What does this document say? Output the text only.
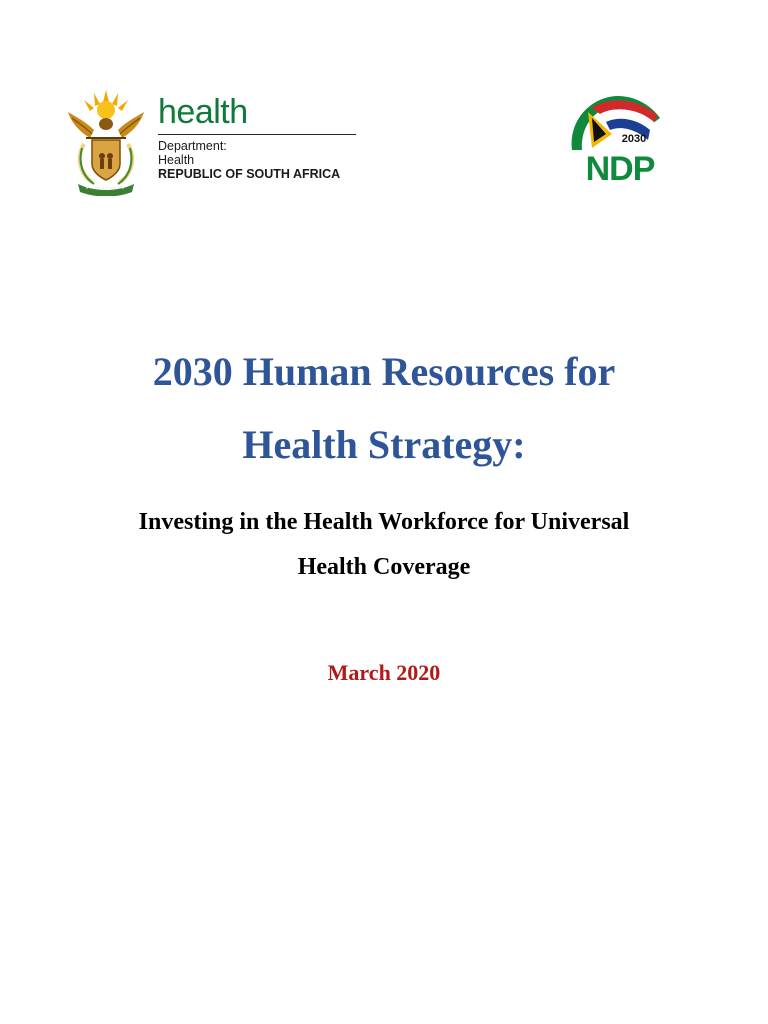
health

Department:

Health

REPUBLIC OF SOUTH AFRICA

2030
NDP
2030 Human Resources for
Health Strategy:
Investing in the Health Workforce for Universal
Health Coverage

March 2020
